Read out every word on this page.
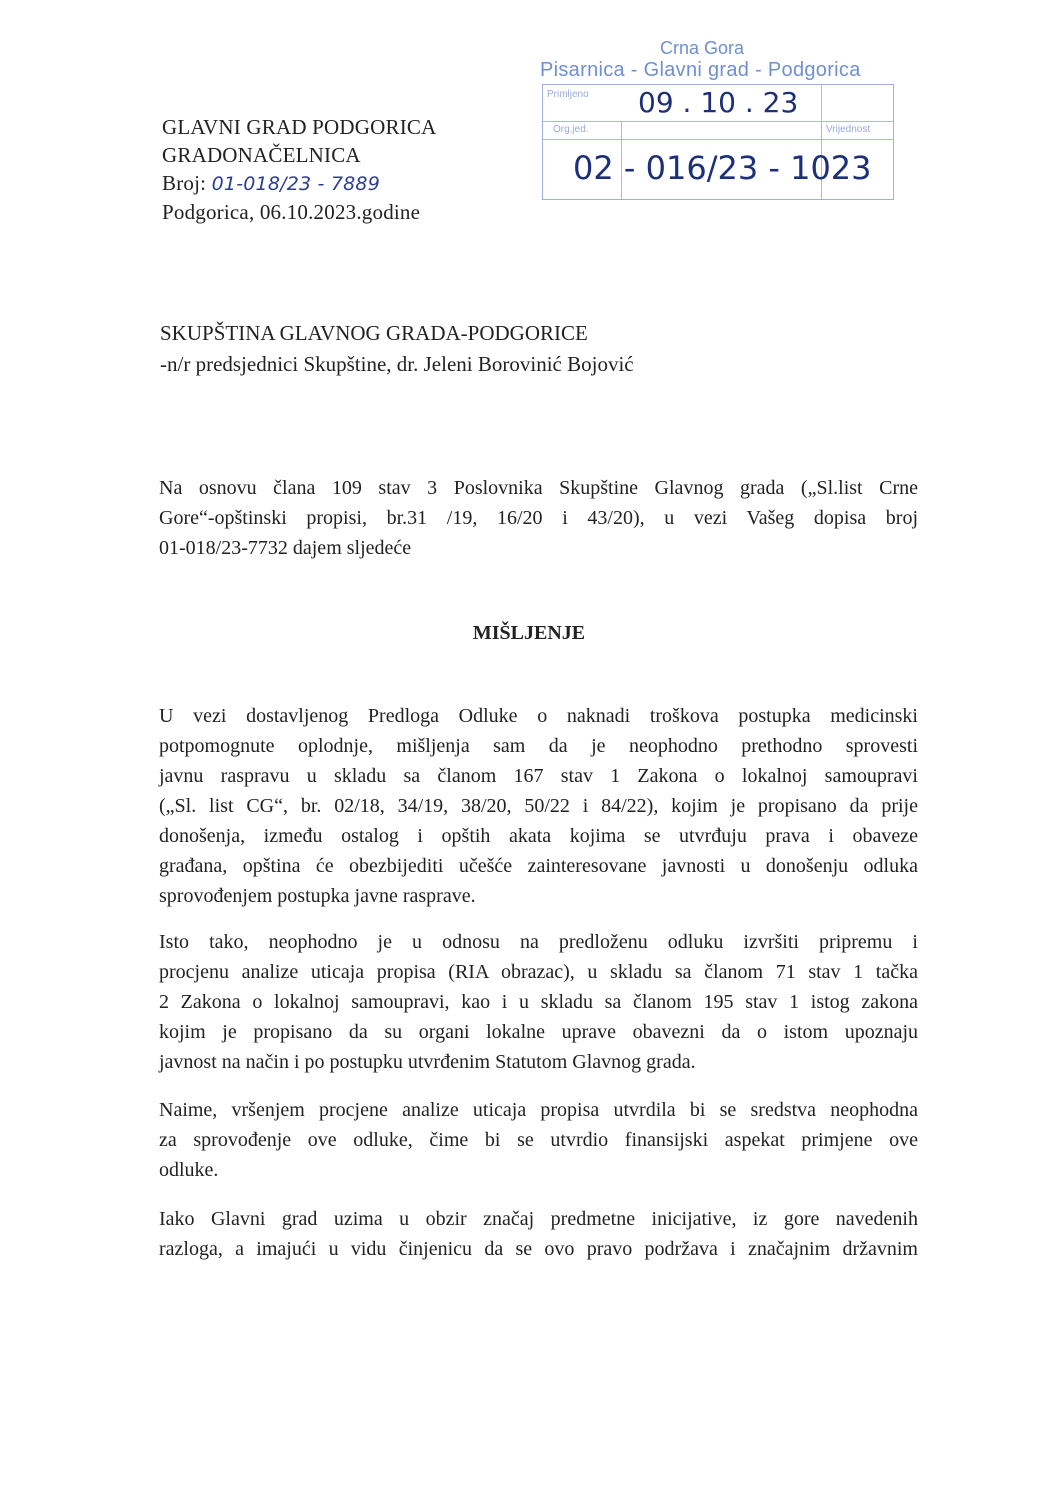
GLAVNI GRAD PODGORICA
GRADONAČELNICA
Broj: 01-018/23 - 7889
Podgorica, 06.10.2023.godine
Crna Gora
Pisarnica - Glavni grad - Podgorica
Primljeno
Org.jed.	Vrijednost
09 . 10 . 23
02 - 016/23 - 1023
SKUPŠTINA GLAVNOG GRADA-PODGORICE
-n/r predsjednici Skupštine, dr. Jeleni Borovinić Bojović
Na osnovu člana 109 stav 3 Poslovnika Skupštine Glavnog grada („Sl.list Crne
Gore“-opštinski propisi, br.31 /19, 16/20 i 43/20), u vezi Vašeg dopisa broj
01-018/23-7732 dajem sljedeće
MIŠLJENJE
U vezi dostavljenog Predloga Odluke o naknadi troškova postupka medicinski
potpomognute oplodnje, mišljenja sam da je neophodno prethodno sprovesti
javnu raspravu u skladu sa članom 167 stav 1 Zakona o lokalnoj samoupravi
(„Sl. list CG“, br. 02/18, 34/19, 38/20, 50/22 i 84/22), kojim je propisano da prije
donošenja, između ostalog i opštih akata kojima se utvrđuju prava i obaveze
građana, opština će obezbijediti učešće zainteresovane javnosti u donošenju odluka
sprovođenjem postupka javne rasprave.
Isto tako, neophodno je u odnosu na predloženu odluku izvršiti pripremu i
procjenu analize uticaja propisa (RIA obrazac), u skladu sa članom 71 stav 1 tačka
2 Zakona o lokalnoj samoupravi, kao i u skladu sa članom 195 stav 1 istog zakona
kojim je propisano da su organi lokalne uprave obavezni da o istom upoznaju
javnost na način i po postupku utvrđenim Statutom Glavnog grada.
Naime, vršenjem procjene analize uticaja propisa utvrdila bi se sredstva neophodna
za sprovođenje ove odluke, čime bi se utvrdio finansijski aspekat primjene ove
odluke.
Iako Glavni grad uzima u obzir značaj predmetne inicijative, iz gore navedenih
razloga, a imajući u vidu činjenicu da se ovo pravo podržava i značajnim državnim
